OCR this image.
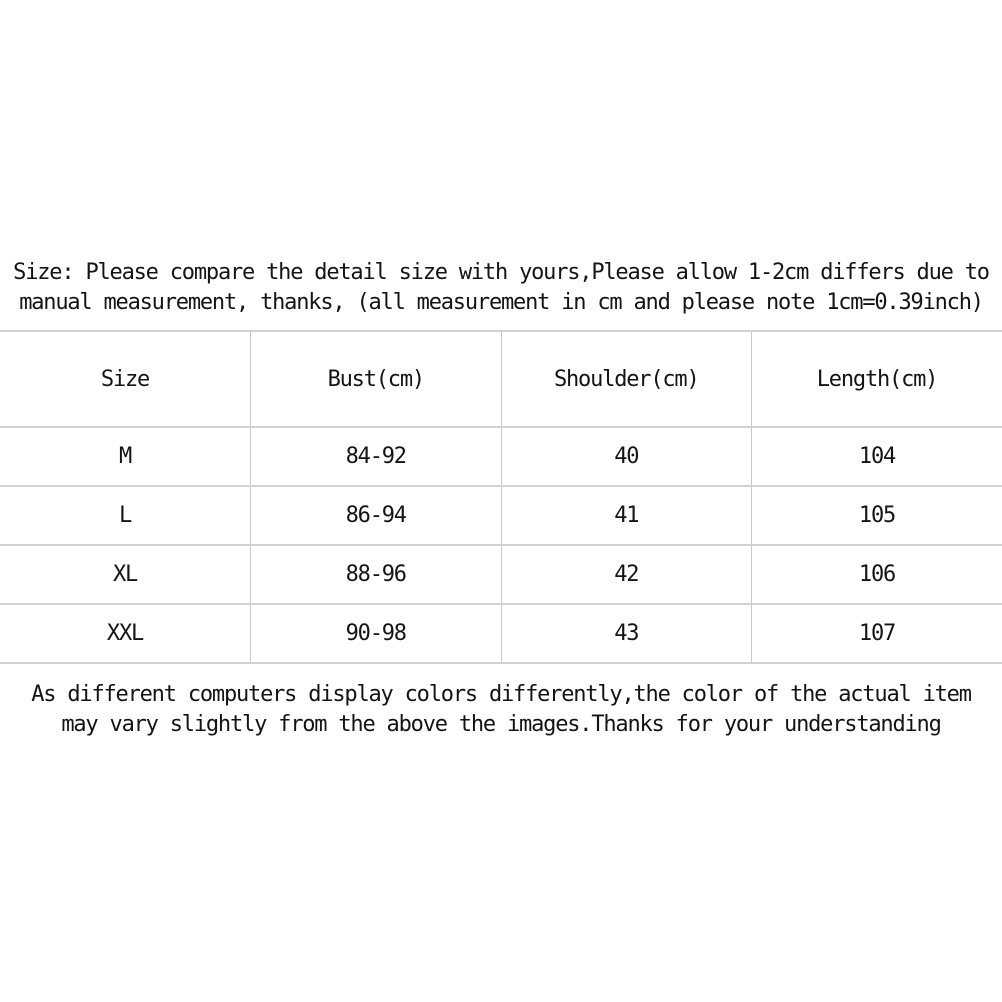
Size: Please compare the detail size with yours,Please allow 1-2cm differs due to
manual measurement, thanks, (all measurement in cm and please note 1cm=0.39inch)
Size	Bust(cm)	Shoulder(cm)	Length(cm)
M	84-92	40	104
L	86-94	41	105
XL	88-96	42	106
XXL	90-98	43	107
As different computers display colors differently,the color of the actual item
may vary slightly from the above the images.Thanks for your understanding
